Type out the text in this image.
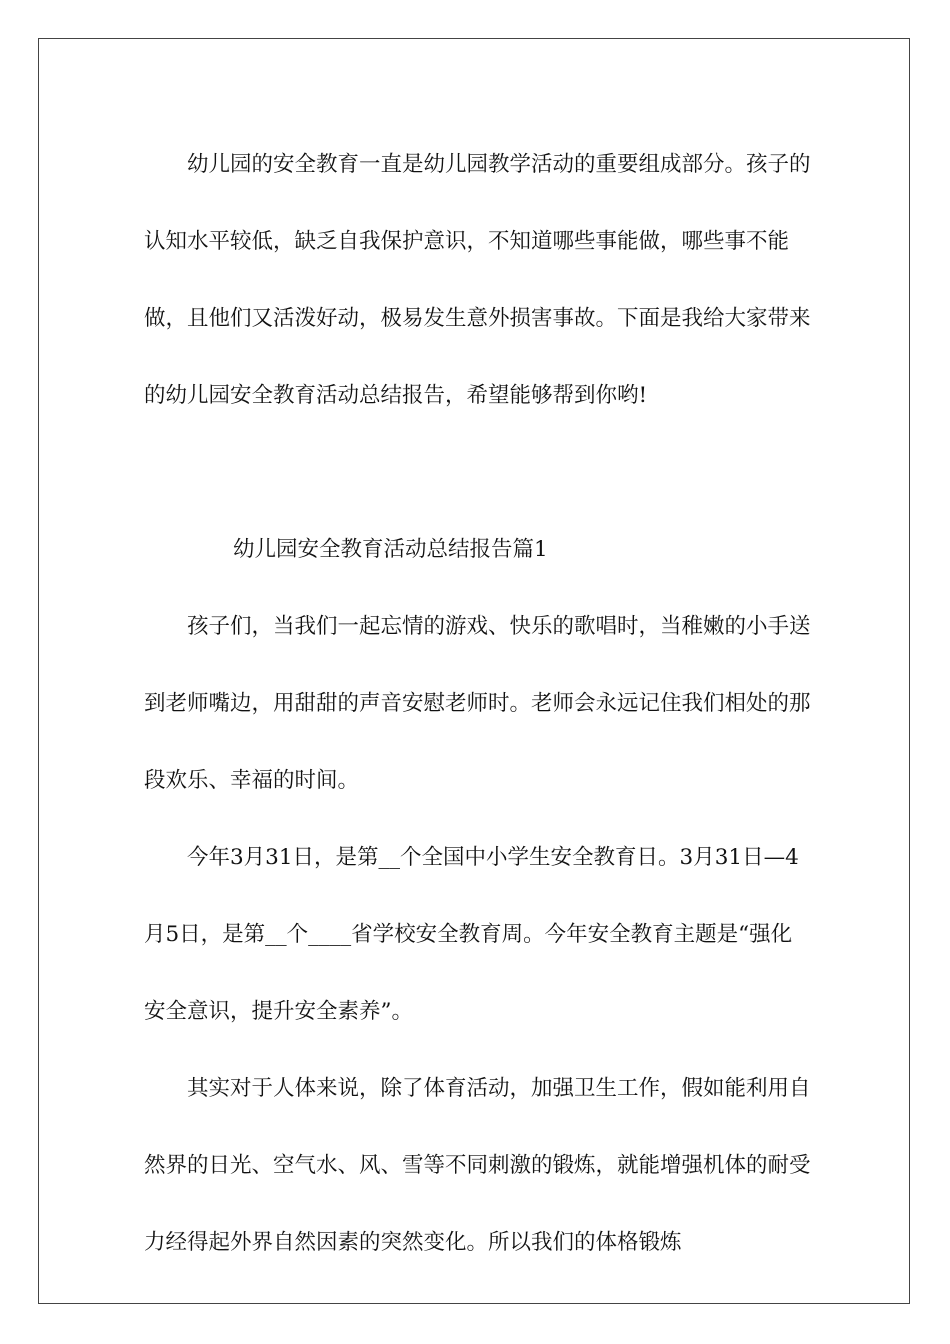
幼儿园的安全教育一直是幼儿园教学活动的重要组成部分。孩子的认知水平较低，缺乏自我保护意识，不知道哪些事能做，哪些事不能做，且他们又活泼好动，极易发生意外损害事故。下面是我给大家带来的幼儿园安全教育活动总结报告，希望能够帮到你哟!

幼儿园安全教育活动总结报告篇1

孩子们，当我们一起忘情的游戏、快乐的歌唱时，当稚嫩的小手送到老师嘴边，用甜甜的声音安慰老师时。老师会永远记住我们相处的那段欢乐、幸福的时间。

今年3月31日，是第__个全国中小学生安全教育日。3月31日—4月5日，是第__个____省学校安全教育周。今年安全教育主题是“强化安全意识，提升安全素养”。

其实对于人体来说，除了体育活动，加强卫生工作，假如能利用自然界的日光、空气水、风、雪等不同刺激的锻炼，就能增强机体的耐受力经得起外界自然因素的突然变化。所以我们的体格锻炼
